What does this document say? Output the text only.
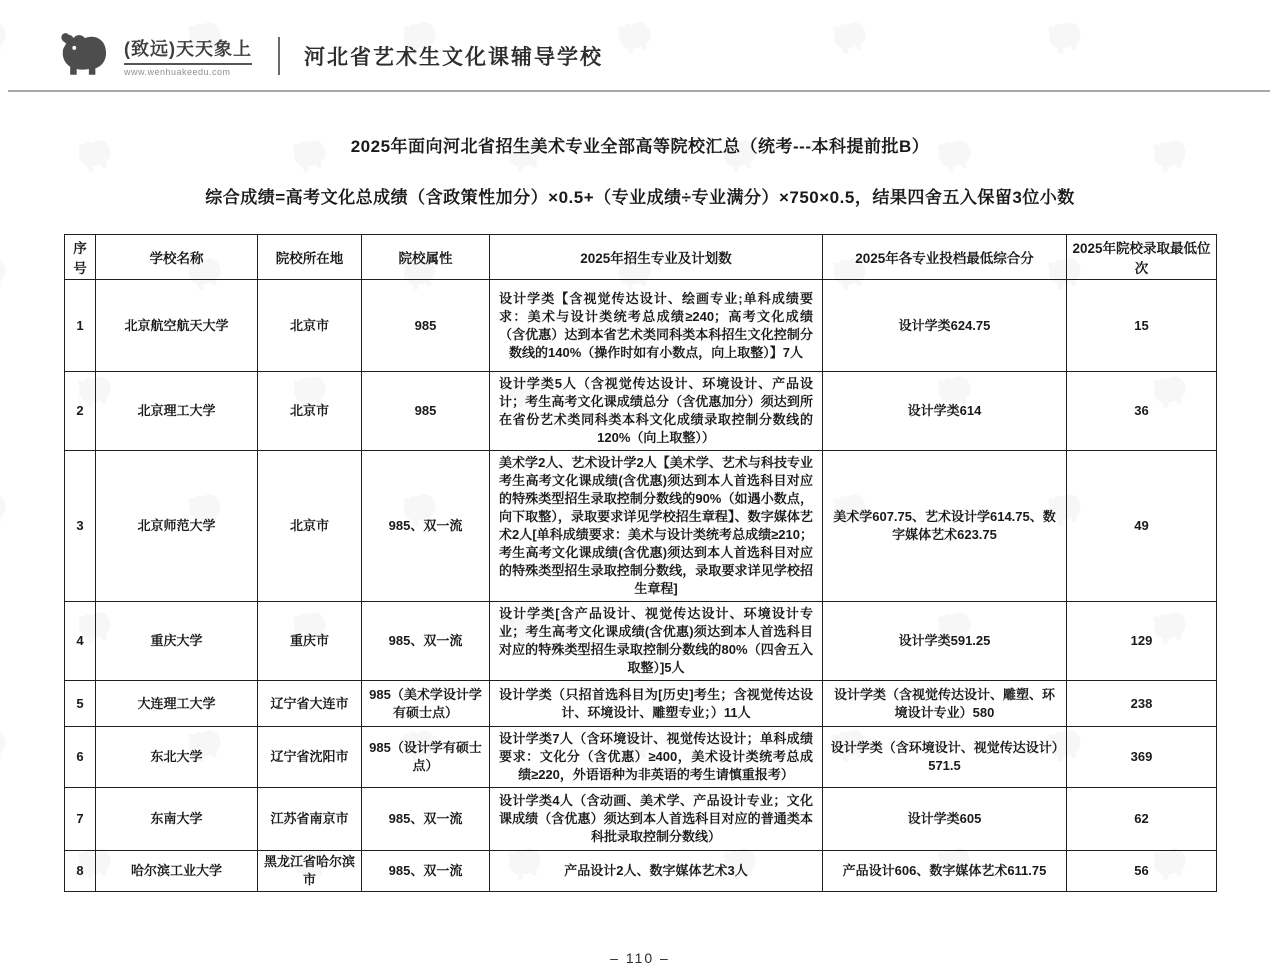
(致远)天天象上
www.wenhuakeedu.com
河北省艺术生文化课辅导学校
2025年面向河北省招生美术专业全部高等院校汇总（统考---本科提前批B）
综合成绩=高考文化总成绩（含政策性加分）×0.5+（专业成绩÷专业满分）×750×0.5，结果四舍五入保留3位小数
序号	学校名称	院校所在地	院校属性	2025年招生专业及计划数	2025年各专业投档最低综合分	2025年院校录取最低位次
1	北京航空航天大学	北京市	985	设计学类【含视觉传达设计、绘画专业;单科成绩要求：美术与设计类统考总成绩≥240；高考文化成绩（含优惠）达到本省艺术类同科类本科招生文化控制分数线的140%（操作时如有小数点，向上取整）】7人	设计学类624.75	15
2	北京理工大学	北京市	985	设计学类5人（含视觉传达设计、环境设计、产品设计；考生高考文化课成绩总分（含优惠加分）须达到所在省份艺术类同科类本科文化成绩录取控制分数线的120%（向上取整））	设计学类614	36
3	北京师范大学	北京市	985、双一流	美术学2人、艺术设计学2人【美术学、艺术与科技专业考生高考文化课成绩(含优惠)须达到本人首选科目对应的特殊类型招生录取控制分数线的90%（如遇小数点，向下取整），录取要求详见学校招生章程】、数字媒体艺术2人[单科成绩要求：美术与设计类统考总成绩≥210；考生高考文化课成绩(含优惠)须达到本人首选科目对应的特殊类型招生录取控制分数线，录取要求详见学校招生章程]	美术学607.75、艺术设计学614.75、数字媒体艺术623.75	49
4	重庆大学	重庆市	985、双一流	设计学类[含产品设计、视觉传达设计、环境设计专业；考生高考文化课成绩(含优惠)须达到本人首选科目对应的特殊类型招生录取控制分数线的80%（四舍五入取整）]5人	设计学类591.25	129
5	大连理工大学	辽宁省大连市	985（美术学设计学有硕士点）	设计学类（只招首选科目为[历史]考生；含视觉传达设计、环境设计、雕塑专业；）11人	设计学类（含视觉传达设计、雕塑、环境设计专业）580	238
6	东北大学	辽宁省沈阳市	985（设计学有硕士点）	设计学类7人（含环境设计、视觉传达设计；单科成绩要求：文化分（含优惠）≥400，美术设计类统考总成绩≥220，外语语种为非英语的考生请慎重报考）	设计学类（含环境设计、视觉传达设计）571.5	369
7	东南大学	江苏省南京市	985、双一流	设计学类4人（含动画、美术学、产品设计专业；文化课成绩（含优惠）须达到本人首选科目对应的普通类本科批录取控制分数线）	设计学类605	62
8	哈尔滨工业大学	黑龙江省哈尔滨市	985、双一流	产品设计2人、数字媒体艺术3人	产品设计606、数字媒体艺术611.75	56
– 110 –
